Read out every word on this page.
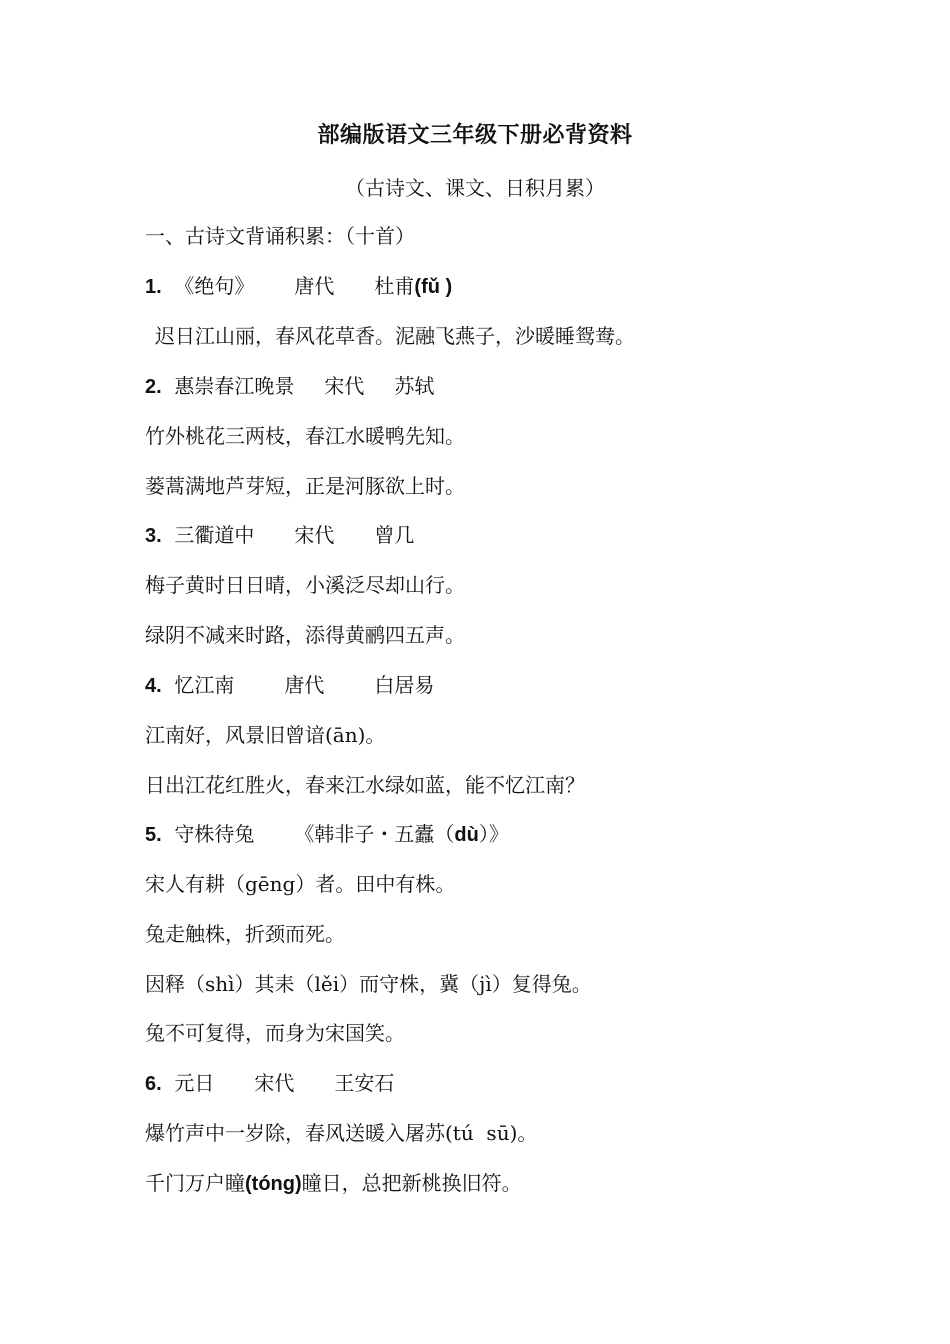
部编版语文三年级下册必背资料
（古诗文、课文、日积月累）
一、古诗文背诵积累：（十首）
1. 《绝句》 唐代 杜甫(fǔ )
迟日江山丽，春风花草香。泥融飞燕子，沙暖睡鸳鸯。
2. 惠崇春江晚景 宋代 苏轼
竹外桃花三两枝，春江水暖鸭先知。
蒌蒿满地芦芽短，正是河豚欲上时。
3. 三衢道中 宋代 曾几
梅子黄时日日晴，小溪泛尽却山行。
绿阴不减来时路，添得黄鹂四五声。
4. 忆江南	唐代	白居易
江南好，风景旧曾谙(ān)。
日出江花红胜火，春来江水绿如蓝，能不忆江南？
5. 守株待兔 《韩非子・五蠹（dù）》
宋人有耕（gēng）者。田中有株。
兔走触株，折颈而死。
因释（shì）其耒（lěi）而守株，冀（jì）复得兔。
兔不可复得，而身为宋国笑。
6. 元日 宋代 王安石
爆竹声中一岁除，春风送暖入屠苏(tú  sū)。
千门万户瞳(tóng)瞳日，总把新桃换旧符。
